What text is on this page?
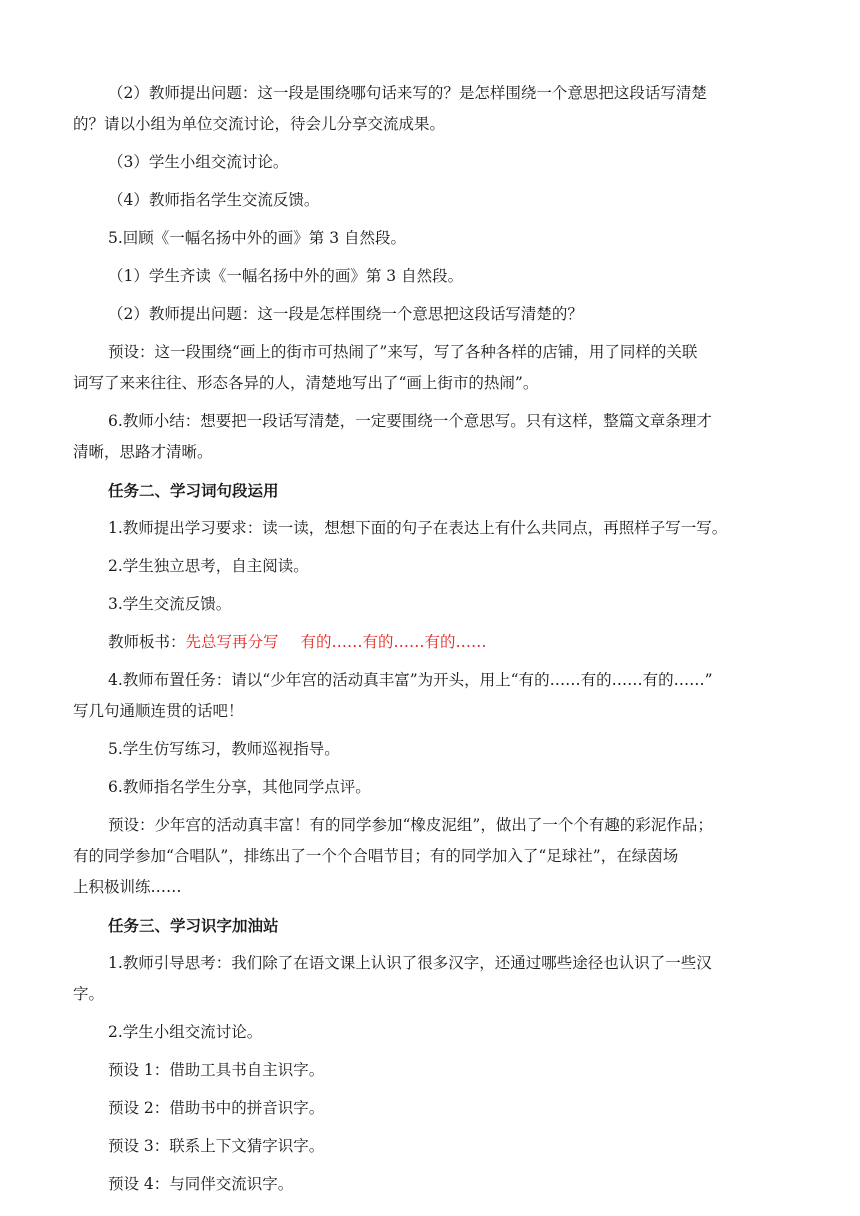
（2）教师提出问题：这一段是围绕哪句话来写的？是怎样围绕一个意思把这段话写清楚
的？请以小组为单位交流讨论，待会儿分享交流成果。

（3）学生小组交流讨论。

（4）教师指名学生交流反馈。

5.回顾《一幅名扬中外的画》第 3 自然段。

（1）学生齐读《一幅名扬中外的画》第 3 自然段。

（2）教师提出问题：这一段是怎样围绕一个意思把这段话写清楚的？

预设：这一段围绕“画上的街市可热闹了”来写，写了各种各样的店铺，用了同样的关联
词写了来来往往、形态各异的人，清楚地写出了“画上街市的热闹”。

6.教师小结：想要把一段话写清楚，一定要围绕一个意思写。只有这样，整篇文章条理才
清晰，思路才清晰。

任务二、学习词句段运用

1.教师提出学习要求：读一读，想想下面的句子在表达上有什么共同点，再照样子写一写。

2.学生独立思考，自主阅读。

3.学生交流反馈。

教师板书：先总写再分写 有的……有的……有的……

4.教师布置任务：请以“少年宫的活动真丰富”为开头，用上“有的……有的……有的……”
写几句通顺连贯的话吧！

5.学生仿写练习，教师巡视指导。

6.教师指名学生分享，其他同学点评。

预设：少年宫的活动真丰富！有的同学参加“橡皮泥组”，做出了一个个有趣的彩泥作品；
有的同学参加“合唱队”，排练出了一个个合唱节目；有的同学加入了“足球社”，在绿茵场
上积极训练……

任务三、学习识字加油站

1.教师引导思考：我们除了在语文课上认识了很多汉字，还通过哪些途径也认识了一些汉
字。

2.学生小组交流讨论。

预设 1：借助工具书自主识字。

预设 2：借助书中的拼音识字。

预设 3：联系上下文猜字识字。

预设 4：与同伴交流识字。
